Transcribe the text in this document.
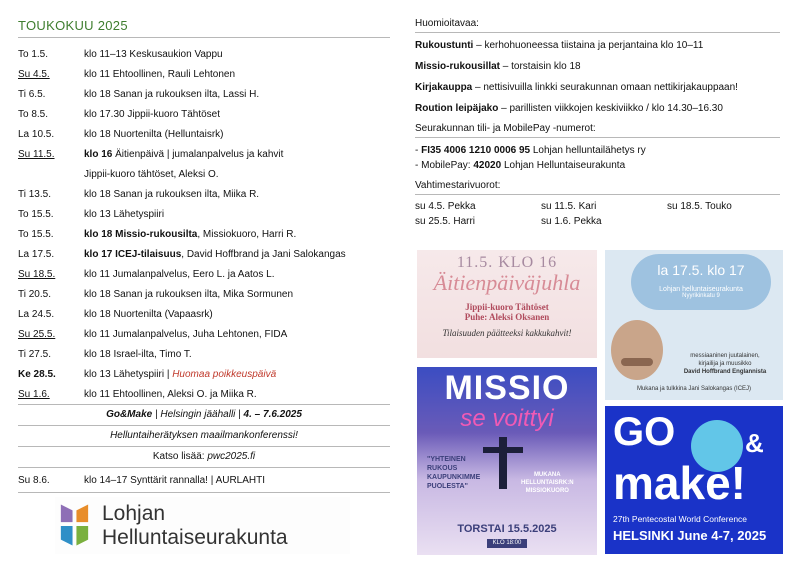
TOUKOKUU 2025
To 1.5.	klo 11–13 Keskusaukion Vappu
Su 4.5.	klo 11 Ehtoollinen, Rauli Lehtonen
Ti 6.5.	klo 18 Sanan ja rukouksen ilta, Lassi H.
To 8.5.	klo 17.30 Jippii-kuoro Tähtöset
La 10.5.	klo 18 Nuortenilta (Helluntaisrk)
Su 11.5.	klo 16 Äitienpäivä | jumalanpalvelus ja kahvit
Jippii-kuoro tähtöset, Aleksi O.
Ti 13.5.	klo 18 Sanan ja rukouksen ilta, Miika R.
To 15.5.	klo 13 Lähetyspiiri
To 15.5.	klo 18 Missio-rukousilta, Missiokuoro, Harri R.
La 17.5.	klo 17 ICEJ-tilaisuus, David Hoffbrand ja Jani Salokangas
Su 18.5.	klo 11 Jumalanpalvelus, Eero L. ja Aatos L.
Ti 20.5.	klo 18 Sanan ja rukouksen ilta, Mika Sormunen
La 24.5.	klo 18 Nuortenilta (Vapaasrk)
Su 25.5.	klo 11 Jumalanpalvelus, Juha Lehtonen, FIDA
Ti 27.5.	klo 18 Israel-ilta, Timo T.
Ke 28.5.	klo 13 Lähetyspiiri | Huomaa poikkeuspäivä
Su 1.6.	klo 11 Ehtoollinen, Aleksi O. ja Miika R.
Go&Make | Helsingin jäähalli | 4. – 7.6.2025
Helluntaiherätyksen maailmankonferenssi!
Katso lisää: pwc2025.fi
Su 8.6.	klo 14–17 Synttärit rannalla! | AURLAHTI
Lohjan Helluntaiseurakunta
Huomioitavaa:
Rukoustunti – kerhohuoneessa tiistaina ja perjantaina klo 10–11
Missio-rukousillat – torstaisin klo 18
Kirjakauppa – nettisivuilla linkki seurakunnan omaan nettikirjakauppaan!
Roution leipäjako – parillisten viikkojen keskiviikko / klo 14.30–16.30
Seurakunnan tili- ja MobilePay -numerot:
- FI35 4006 1210 0006 95 Lohjan helluntailähetys ry
- MobilePay: 42020 Lohjan Helluntaiseurakunta
Vahtimestarivuorot:
su 4.5. Pekka	su 11.5. Kari	su 18.5. Touko
su 25.5. Harri	su 1.6. Pekka
11.5. KLO 16
Äitienpäiväjuhla
Jippii-kuoro Tähtöset
Puhe: Aleksi Oksanen
Tilaisuuden päätteeksi kakkukahvit!
la 17.5. klo 17
Lohjan helluntaiseurakunta
Nyyrikinkatu 9
messiaaninen juutalainen,
kirjailija ja muusikko
David Hoffbrand Englannista
Mukana ja tulkkina Jani Salokangas (ICEJ)
MISSIO
se voittyi
"YHTEINEN
RUKOUS
KAUPUNKIMME
PUOLESTA"
MUKANA
HELLUNTAISRK:N
MISSIOKUORO
TORSTAI 15.5.2025
KLO 18:00
GO	&
make!
27th Pentecostal World Conference
HELSINKI June 4-7, 2025
